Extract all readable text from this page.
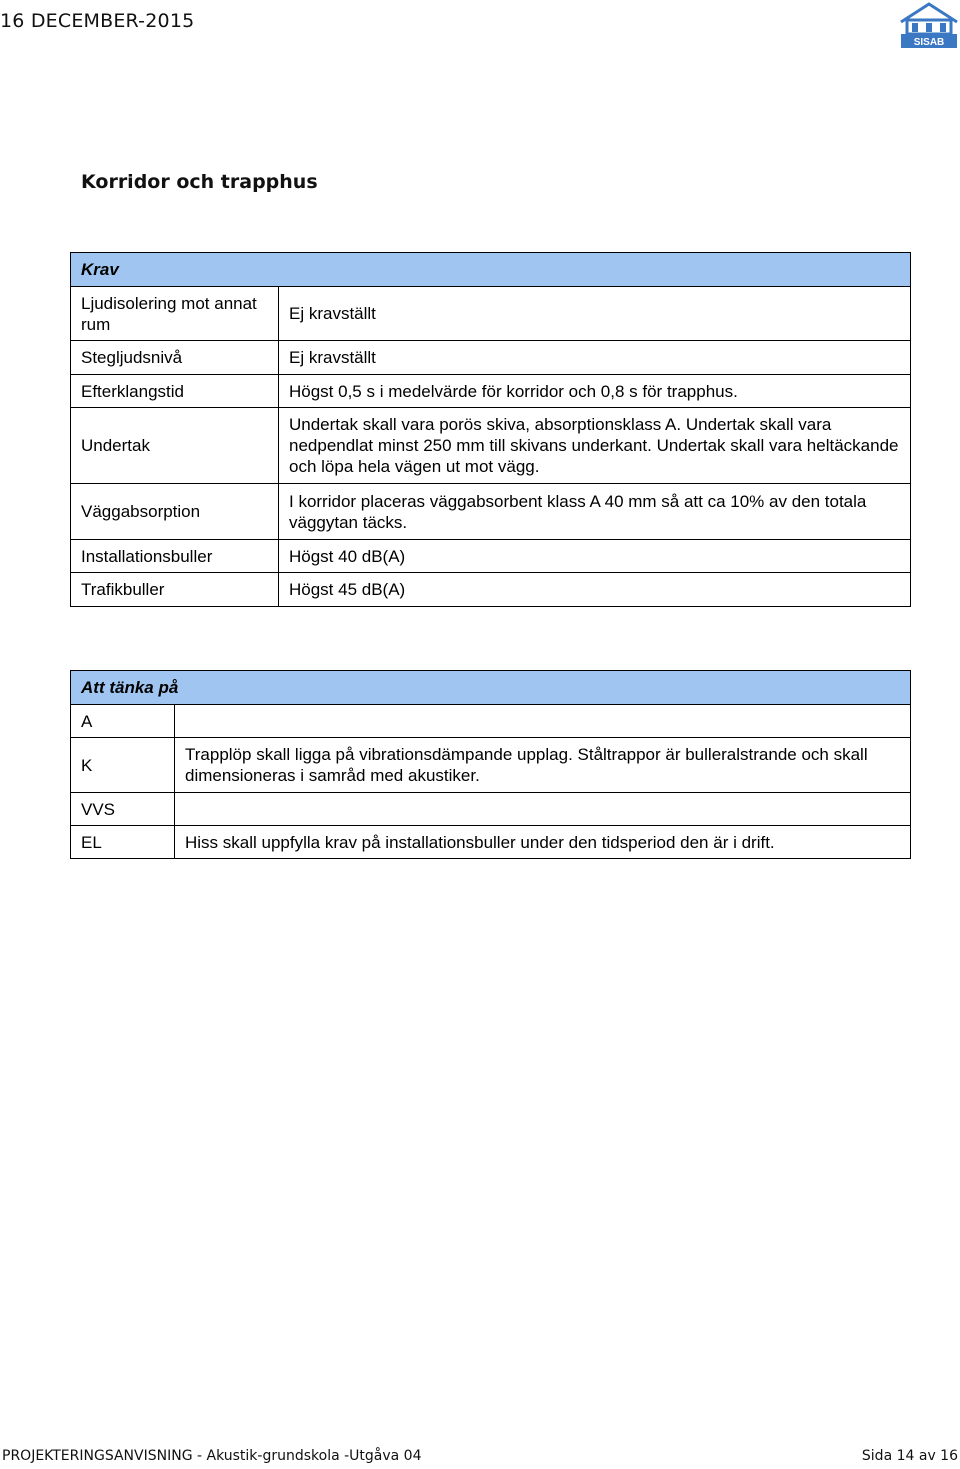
16 DECEMBER-2015
SISAB
Korridor och trapphus
Krav	
Ljudisolering mot annat rum	Ej kravställt
Stegljudsnivå	Ej kravställt
Efterklangstid	Högst 0,5 s i medelvärde för korridor och 0,8 s för trapphus.
Undertak	Undertak skall vara porös skiva, absorptionsklass A. Undertak skall vara nedpendlat minst 250 mm till skivans underkant. Undertak skall vara heltäckande och löpa hela vägen ut mot vägg.
Väggabsorption	I korridor placeras väggabsorbent klass A 40 mm så att ca 10% av den totala väggytan täcks.
Installationsbuller	Högst 40 dB(A)
Trafikbuller	Högst 45 dB(A)
Att tänka på	
A	
K	Trapplöp skall ligga på vibrationsdämpande upplag. Ståltrappor är bulleralstrande och skall dimensioneras i samråd med akustiker.
VVS	
EL	Hiss skall uppfylla krav på installationsbuller under den tidsperiod den är i drift.
PROJEKTERINGSANVISNING - Akustik-grundskola -Utgåva 04	Sida 14 av 16
